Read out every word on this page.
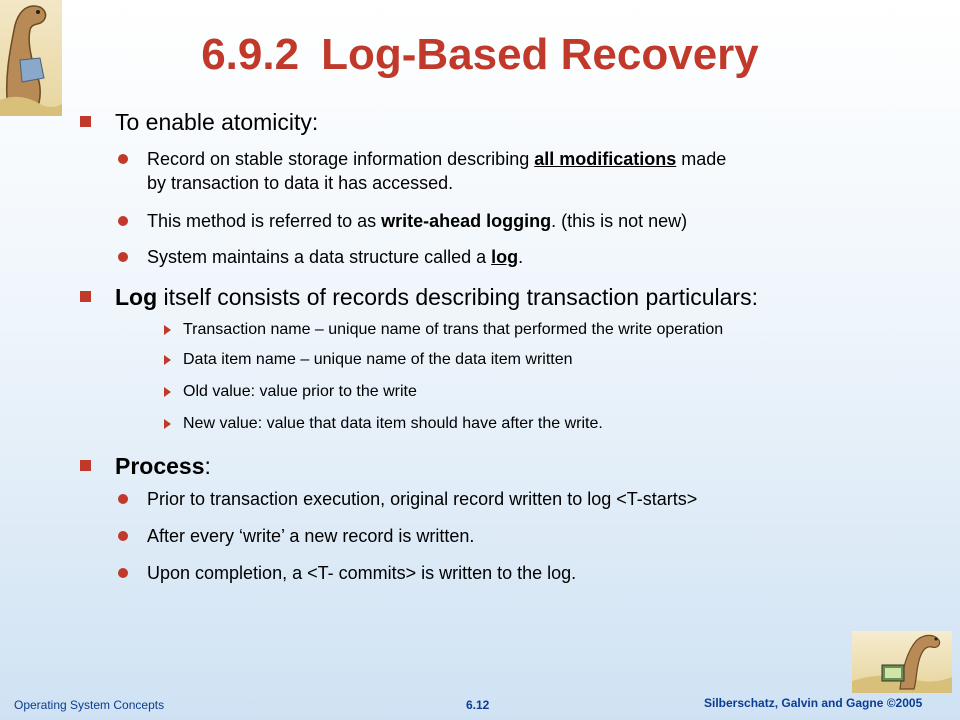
6.9.2 Log-Based Recovery
To enable atomicity:
Record on stable storage information describing all modifications made
by transaction to data it has accessed.
This method is referred to as write-ahead logging. (this is not new)
System maintains a data structure called a log.
Log itself consists of records describing transaction particulars:
Transaction name – unique name of trans that performed the write operation
Data item name – unique name of the data item written
Old value: value prior to the write
New value: value that data item should have after the write.
Process:
Prior to transaction execution, original record written to log <T-starts>
After every ‘write’ a new record is written.
Upon completion, a <T- commits> is written to the log.
Operating System Concepts	6.12	Silberschatz, Galvin and Gagne ©2005
